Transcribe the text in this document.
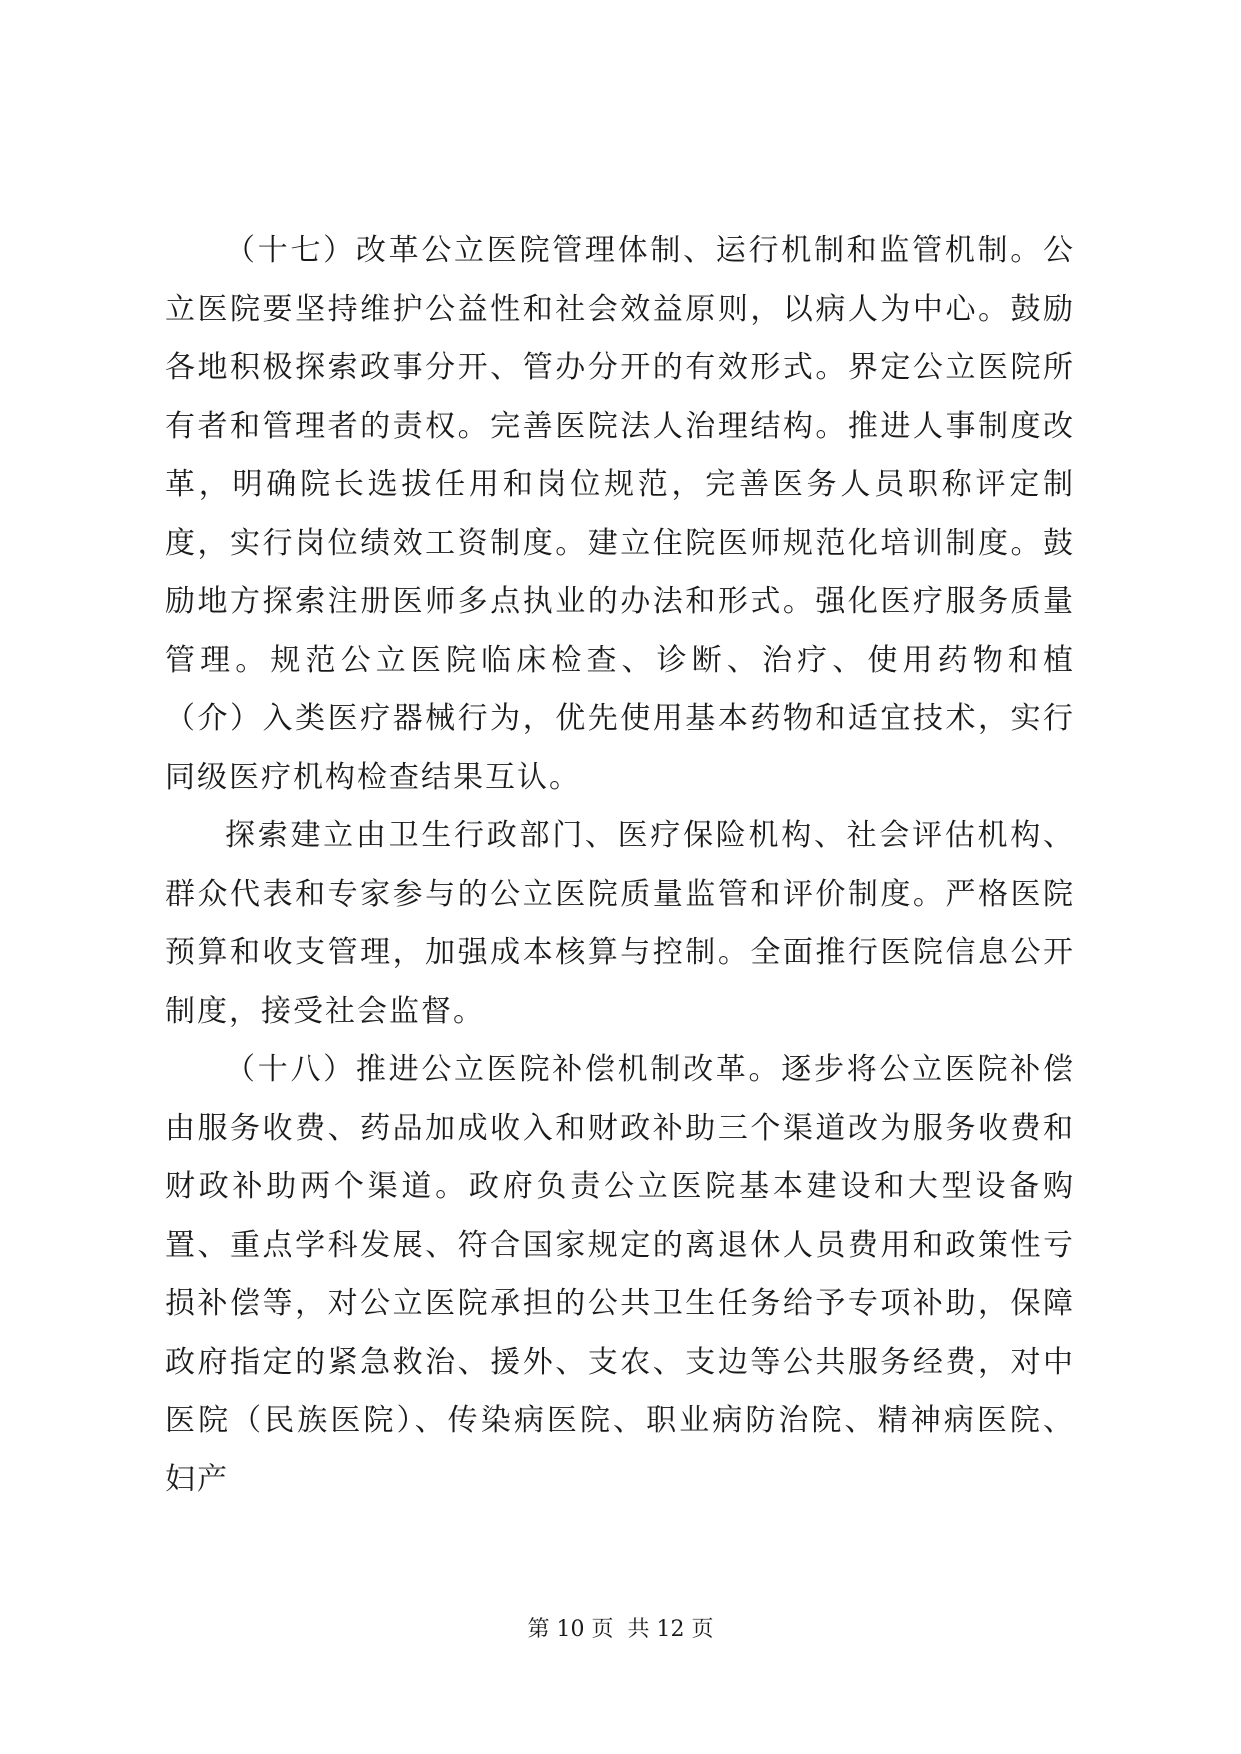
（十七）改革公立医院管理体制、运行机制和监管机制。公立医院要坚持维护公益性和社会效益原则，以病人为中心。鼓励各地积极探索政事分开、管办分开的有效形式。界定公立医院所有者和管理者的责权。完善医院法人治理结构。推进人事制度改革，明确院长选拔任用和岗位规范，完善医务人员职称评定制度，实行岗位绩效工资制度。建立住院医师规范化培训制度。鼓励地方探索注册医师多点执业的办法和形式。强化医疗服务质量管理。规范公立医院临床检查、诊断、治疗、使用药物和植（介）入类医疗器械行为，优先使用基本药物和适宜技术，实行同级医疗机构检查结果互认。

探索建立由卫生行政部门、医疗保险机构、社会评估机构、群众代表和专家参与的公立医院质量监管和评价制度。严格医院预算和收支管理，加强成本核算与控制。全面推行医院信息公开制度，接受社会监督。

（十八）推进公立医院补偿机制改革。逐步将公立医院补偿由服务收费、药品加成收入和财政补助三个渠道改为服务收费和财政补助两个渠道。政府负责公立医院基本建设和大型设备购置、重点学科发展、符合国家规定的离退休人员费用和政策性亏损补偿等，对公立医院承担的公共卫生任务给予专项补助，保障政府指定的紧急救治、援外、支农、支边等公共服务经费，对中医院（民族医院）、传染病医院、职业病防治院、精神病医院、妇产

第 10 页  共 12 页
